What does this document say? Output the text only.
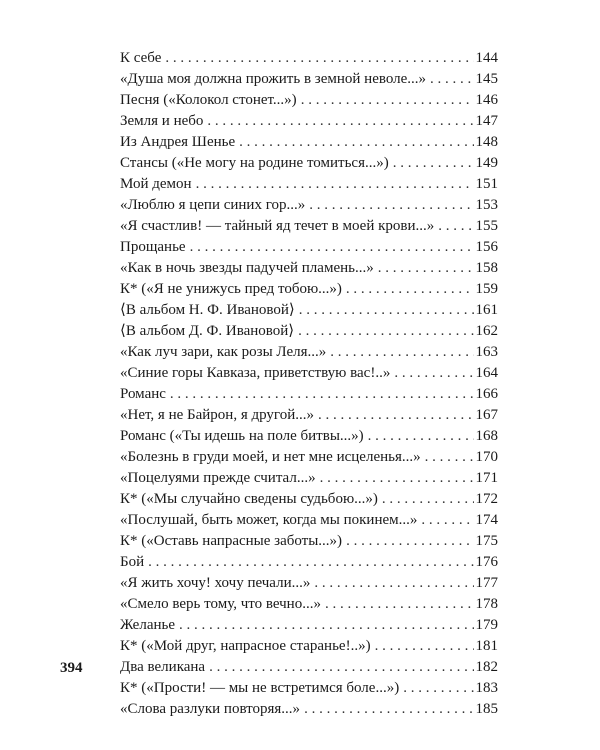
К себе . . .	144
«Душа моя должна прожить в земной неволе...» . . .	145
Песня («Колокол стонет...») . . .	146
Земля и небо . . .	147
Из Андрея Шенье . . .	148
Стансы («Не могу на родине томиться...») . . .	149
Мой демон . . .	151
«Люблю я цепи синих гор...» . . .	153
«Я счастлив! — тайный яд течет в моей крови...» . . .	155
Прощанье . . .	156
«Как в ночь звезды падучей пламень...» . . .	158
К* («Я не унижусь пред тобою...») . . .	159
⟨В альбом Н. Ф. Ивановой⟩ . . .	161
⟨В альбом Д. Ф. Ивановой⟩ . . .	162
«Как луч зари, как розы Леля...» . . .	163
«Синие горы Кавказа, приветствую вас!..» . . .	164
Романс . . .	166
«Нет, я не Байрон, я другой...» . . .	167
Романс («Ты идешь на поле битвы...») . . .	168
«Болезнь в груди моей, и нет мне исцеленья...» . . .	170
«Поцелуями прежде считал...» . . .	171
К* («Мы случайно сведены судьбою...») . . .	172
«Послушай, быть может, когда мы покинем...» . . .	174
К* («Оставь напрасные заботы...») . . .	175
Бой . . .	176
«Я жить хочу! хочу печали...» . . .	177
«Смело верь тому, что вечно...» . . .	178
Желанье . . .	179
К* («Мой друг, напрасное старанье!..») . . .	181
Два великана . . .	182
К* («Прости! — мы не встретимся боле...») . . .	183
«Слова разлуки повторяя...» . . .	185
394
